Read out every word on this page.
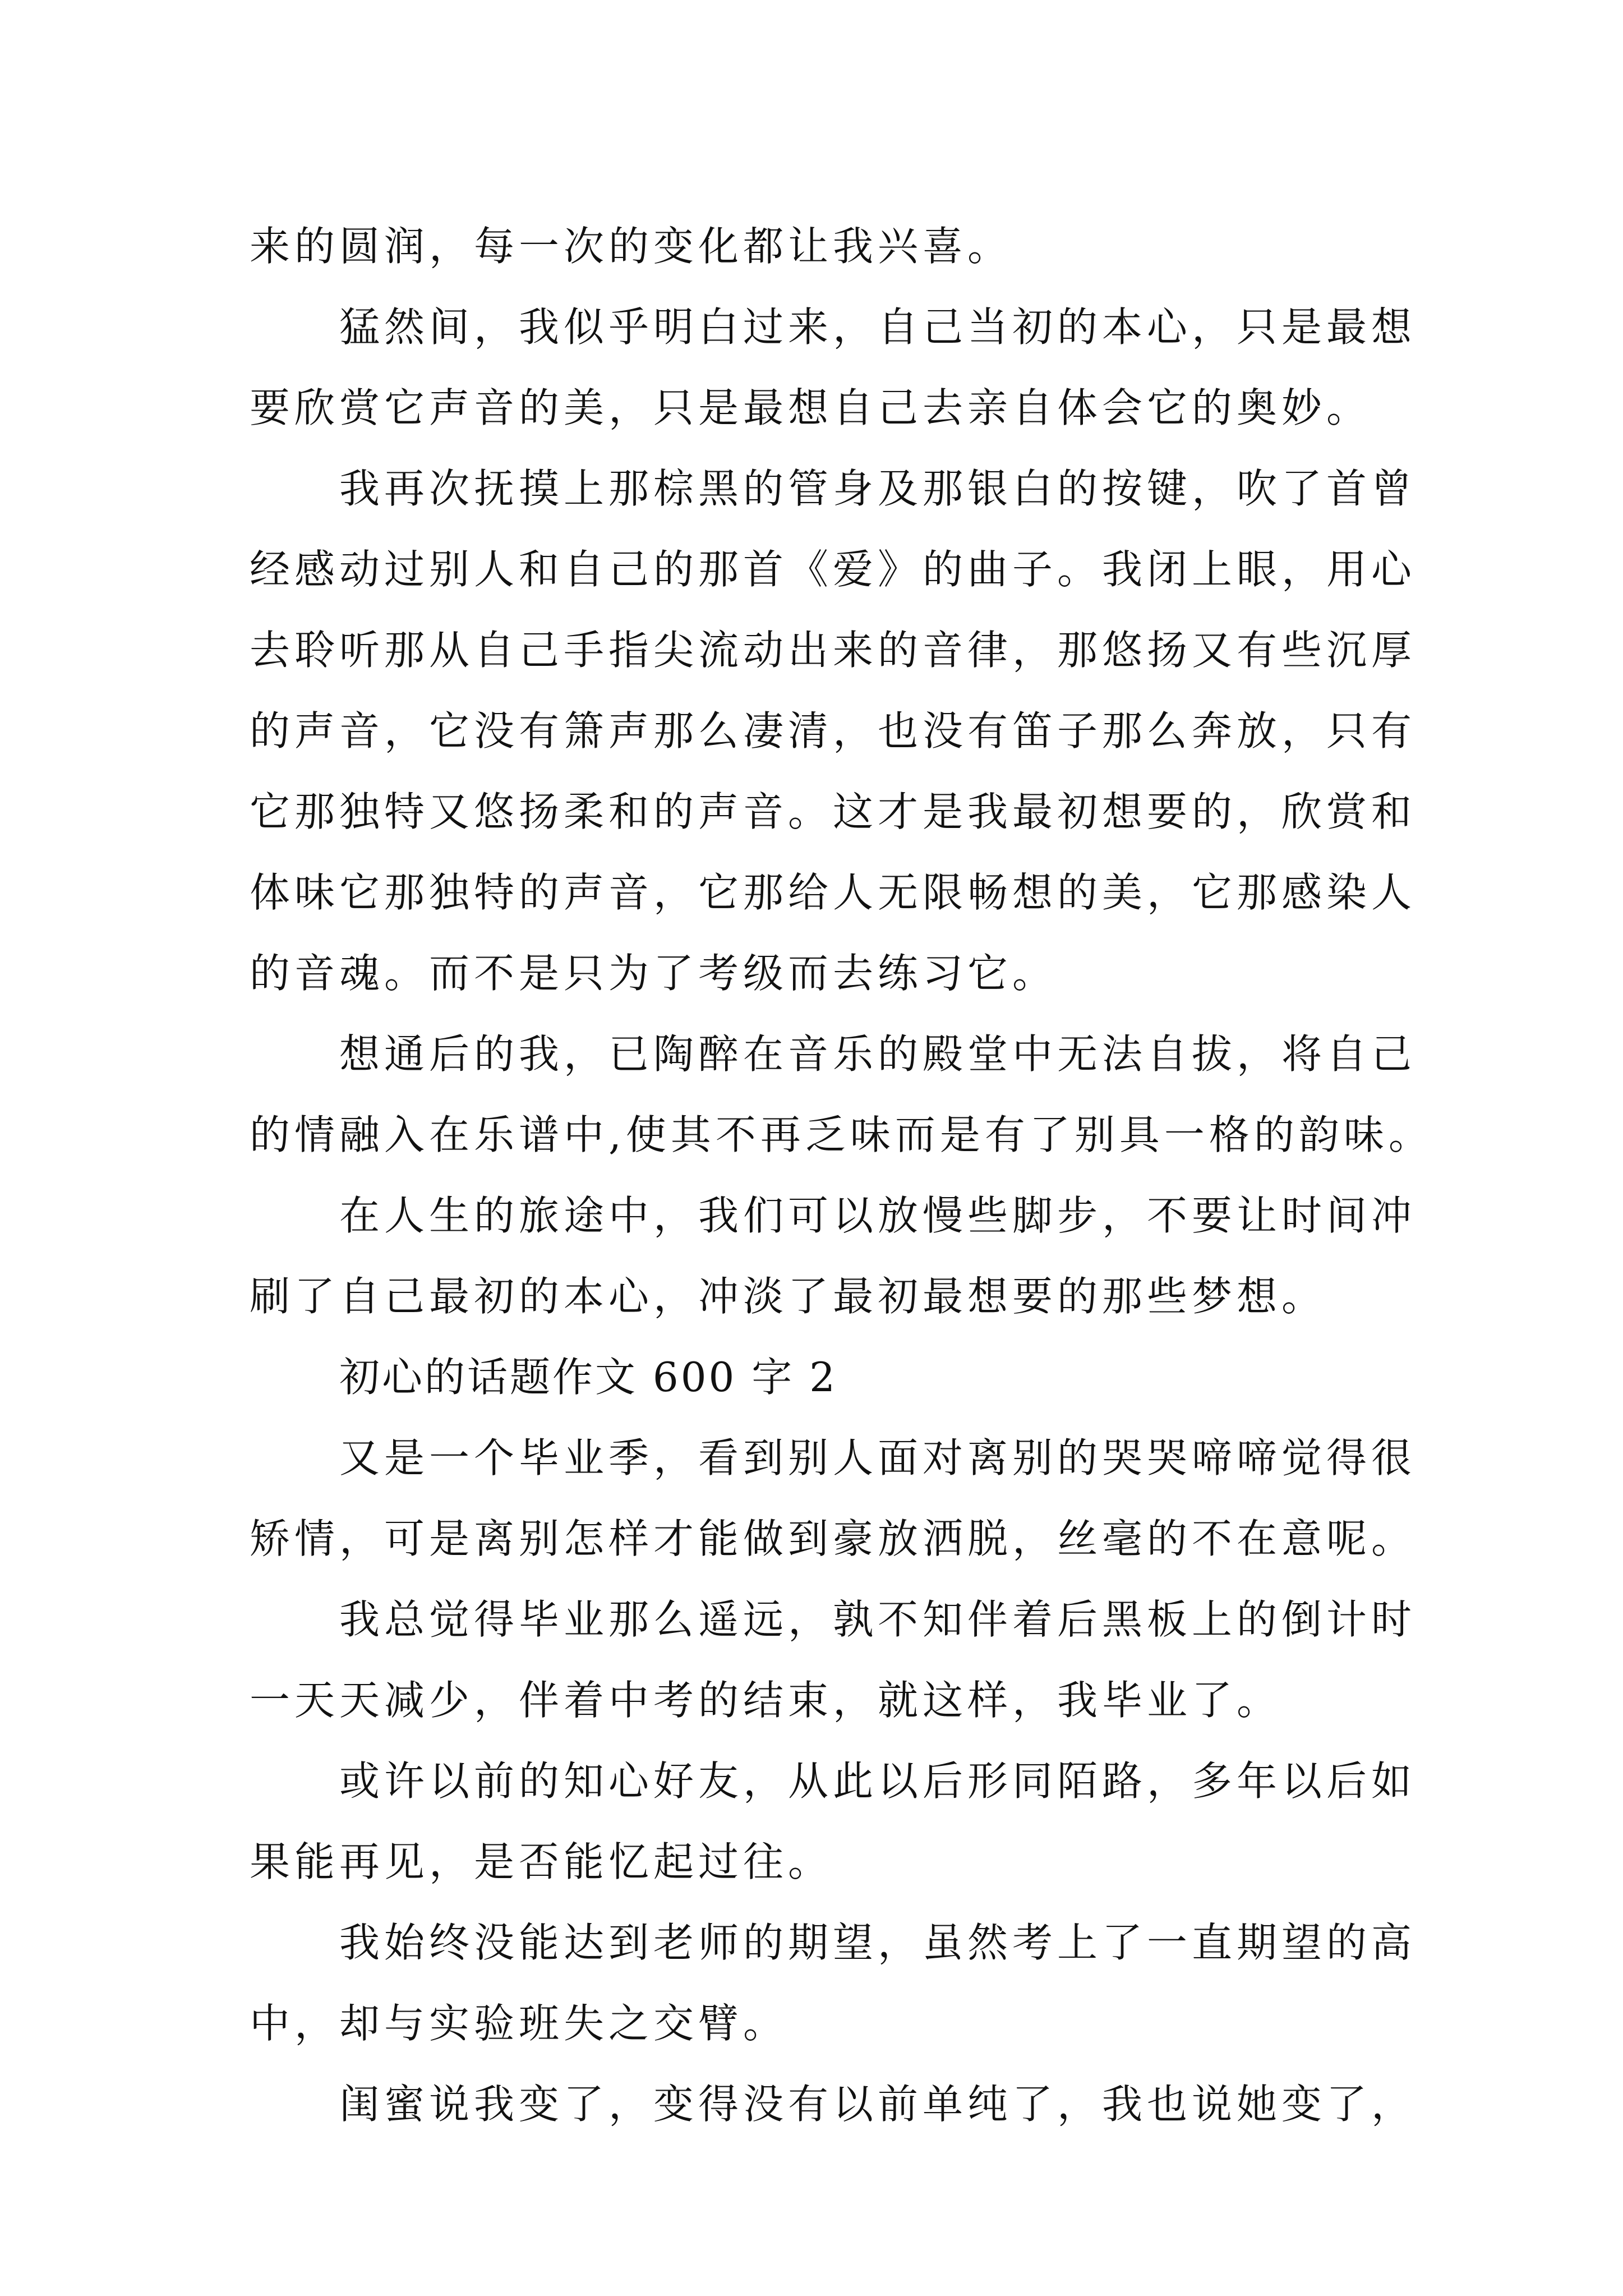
来的圆润，每一次的变化都让我兴喜。

猛然间，我似乎明白过来，自己当初的本心，只是最想
要欣赏它声音的美，只是最想自己去亲自体会它的奥妙。

我再次抚摸上那棕黑的管身及那银白的按键，吹了首曾
经感动过别人和自己的那首《爱》的曲子。我闭上眼，用心
去聆听那从自己手指尖流动出来的音律，那悠扬又有些沉厚
的声音，它没有箫声那么凄清，也没有笛子那么奔放，只有
它那独特又悠扬柔和的声音。这才是我最初想要的，欣赏和
体味它那独特的声音，它那给人无限畅想的美，它那感染人
的音魂。而不是只为了考级而去练习它。

想通后的我，已陶醉在音乐的殿堂中无法自拔，将自己
的情融入在乐谱中,使其不再乏味而是有了别具一格的韵味。

在人生的旅途中，我们可以放慢些脚步，不要让时间冲
刷了自己最初的本心，冲淡了最初最想要的那些梦想。

初心的话题作文 600 字 2

又是一个毕业季，看到别人面对离别的哭哭啼啼觉得很
矫情，可是离别怎样才能做到豪放洒脱，丝毫的不在意呢。

我总觉得毕业那么遥远，孰不知伴着后黑板上的倒计时
一天天减少，伴着中考的结束，就这样，我毕业了。

或许以前的知心好友，从此以后形同陌路，多年以后如
果能再见，是否能忆起过往。

我始终没能达到老师的期望，虽然考上了一直期望的高
中，却与实验班失之交臂。

闺蜜说我变了，变得没有以前单纯了，我也说她变了，
